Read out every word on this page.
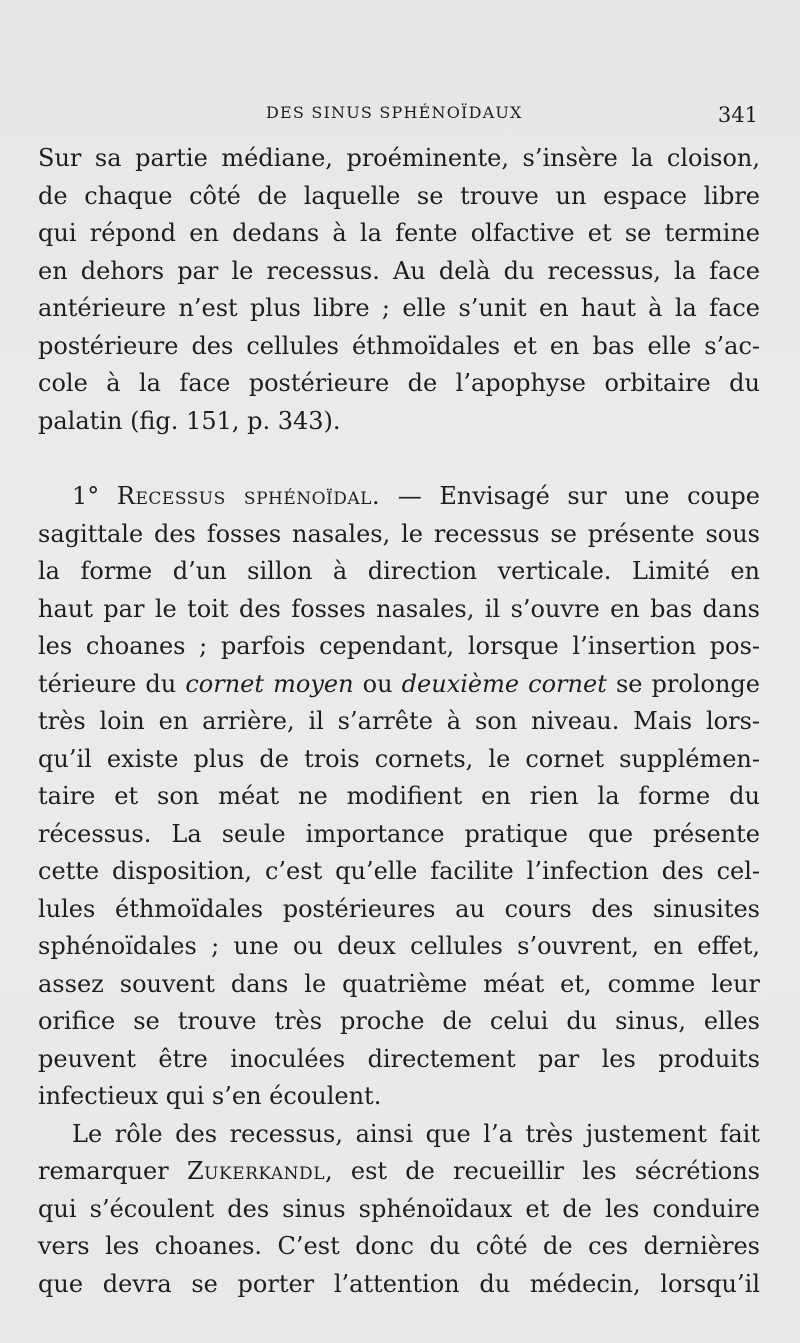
DES SINUS SPHÉNOÏDAUX	341
Sur sa partie médiane, proéminente, s’insère la cloison,
de chaque côté de laquelle se trouve un espace libre
qui répond en dedans à la fente olfactive et se termine
en dehors par le recessus. Au delà du recessus, la face
antérieure n’est plus libre ; elle s’unit en haut à la face
postérieure des cellules éthmoïdales et en bas elle s’ac-
cole à la face postérieure de l’apophyse orbitaire du
palatin (fig. 151, p. 343).
1° Recessus sphénoïdal. — Envisagé sur une coupe
sagittale des fosses nasales, le recessus se présente sous
la forme d’un sillon à direction verticale. Limité en
haut par le toit des fosses nasales, il s’ouvre en bas dans
les choanes ; parfois cependant, lorsque l’insertion pos-
térieure du cornet moyen ou deuxième cornet se prolonge
très loin en arrière, il s’arrête à son niveau. Mais lors-
qu’il existe plus de trois cornets, le cornet supplémen-
taire et son méat ne modifient en rien la forme du
récessus. La seule importance pratique que présente
cette disposition, c’est qu’elle facilite l’infection des cel-
lules éthmoïdales postérieures au cours des sinusites
sphénoïdales ; une ou deux cellules s’ouvrent, en effet,
assez souvent dans le quatrième méat et, comme leur
orifice se trouve très proche de celui du sinus, elles
peuvent être inoculées directement par les produits
infectieux qui s’en écoulent.
Le rôle des recessus, ainsi que l’a très justement fait
remarquer Zukerkandl, est de recueillir les sécrétions
qui s’écoulent des sinus sphénoïdaux et de les conduire
vers les choanes. C’est donc du côté de ces dernières
que devra se porter l’attention du médecin, lorsqu’il
